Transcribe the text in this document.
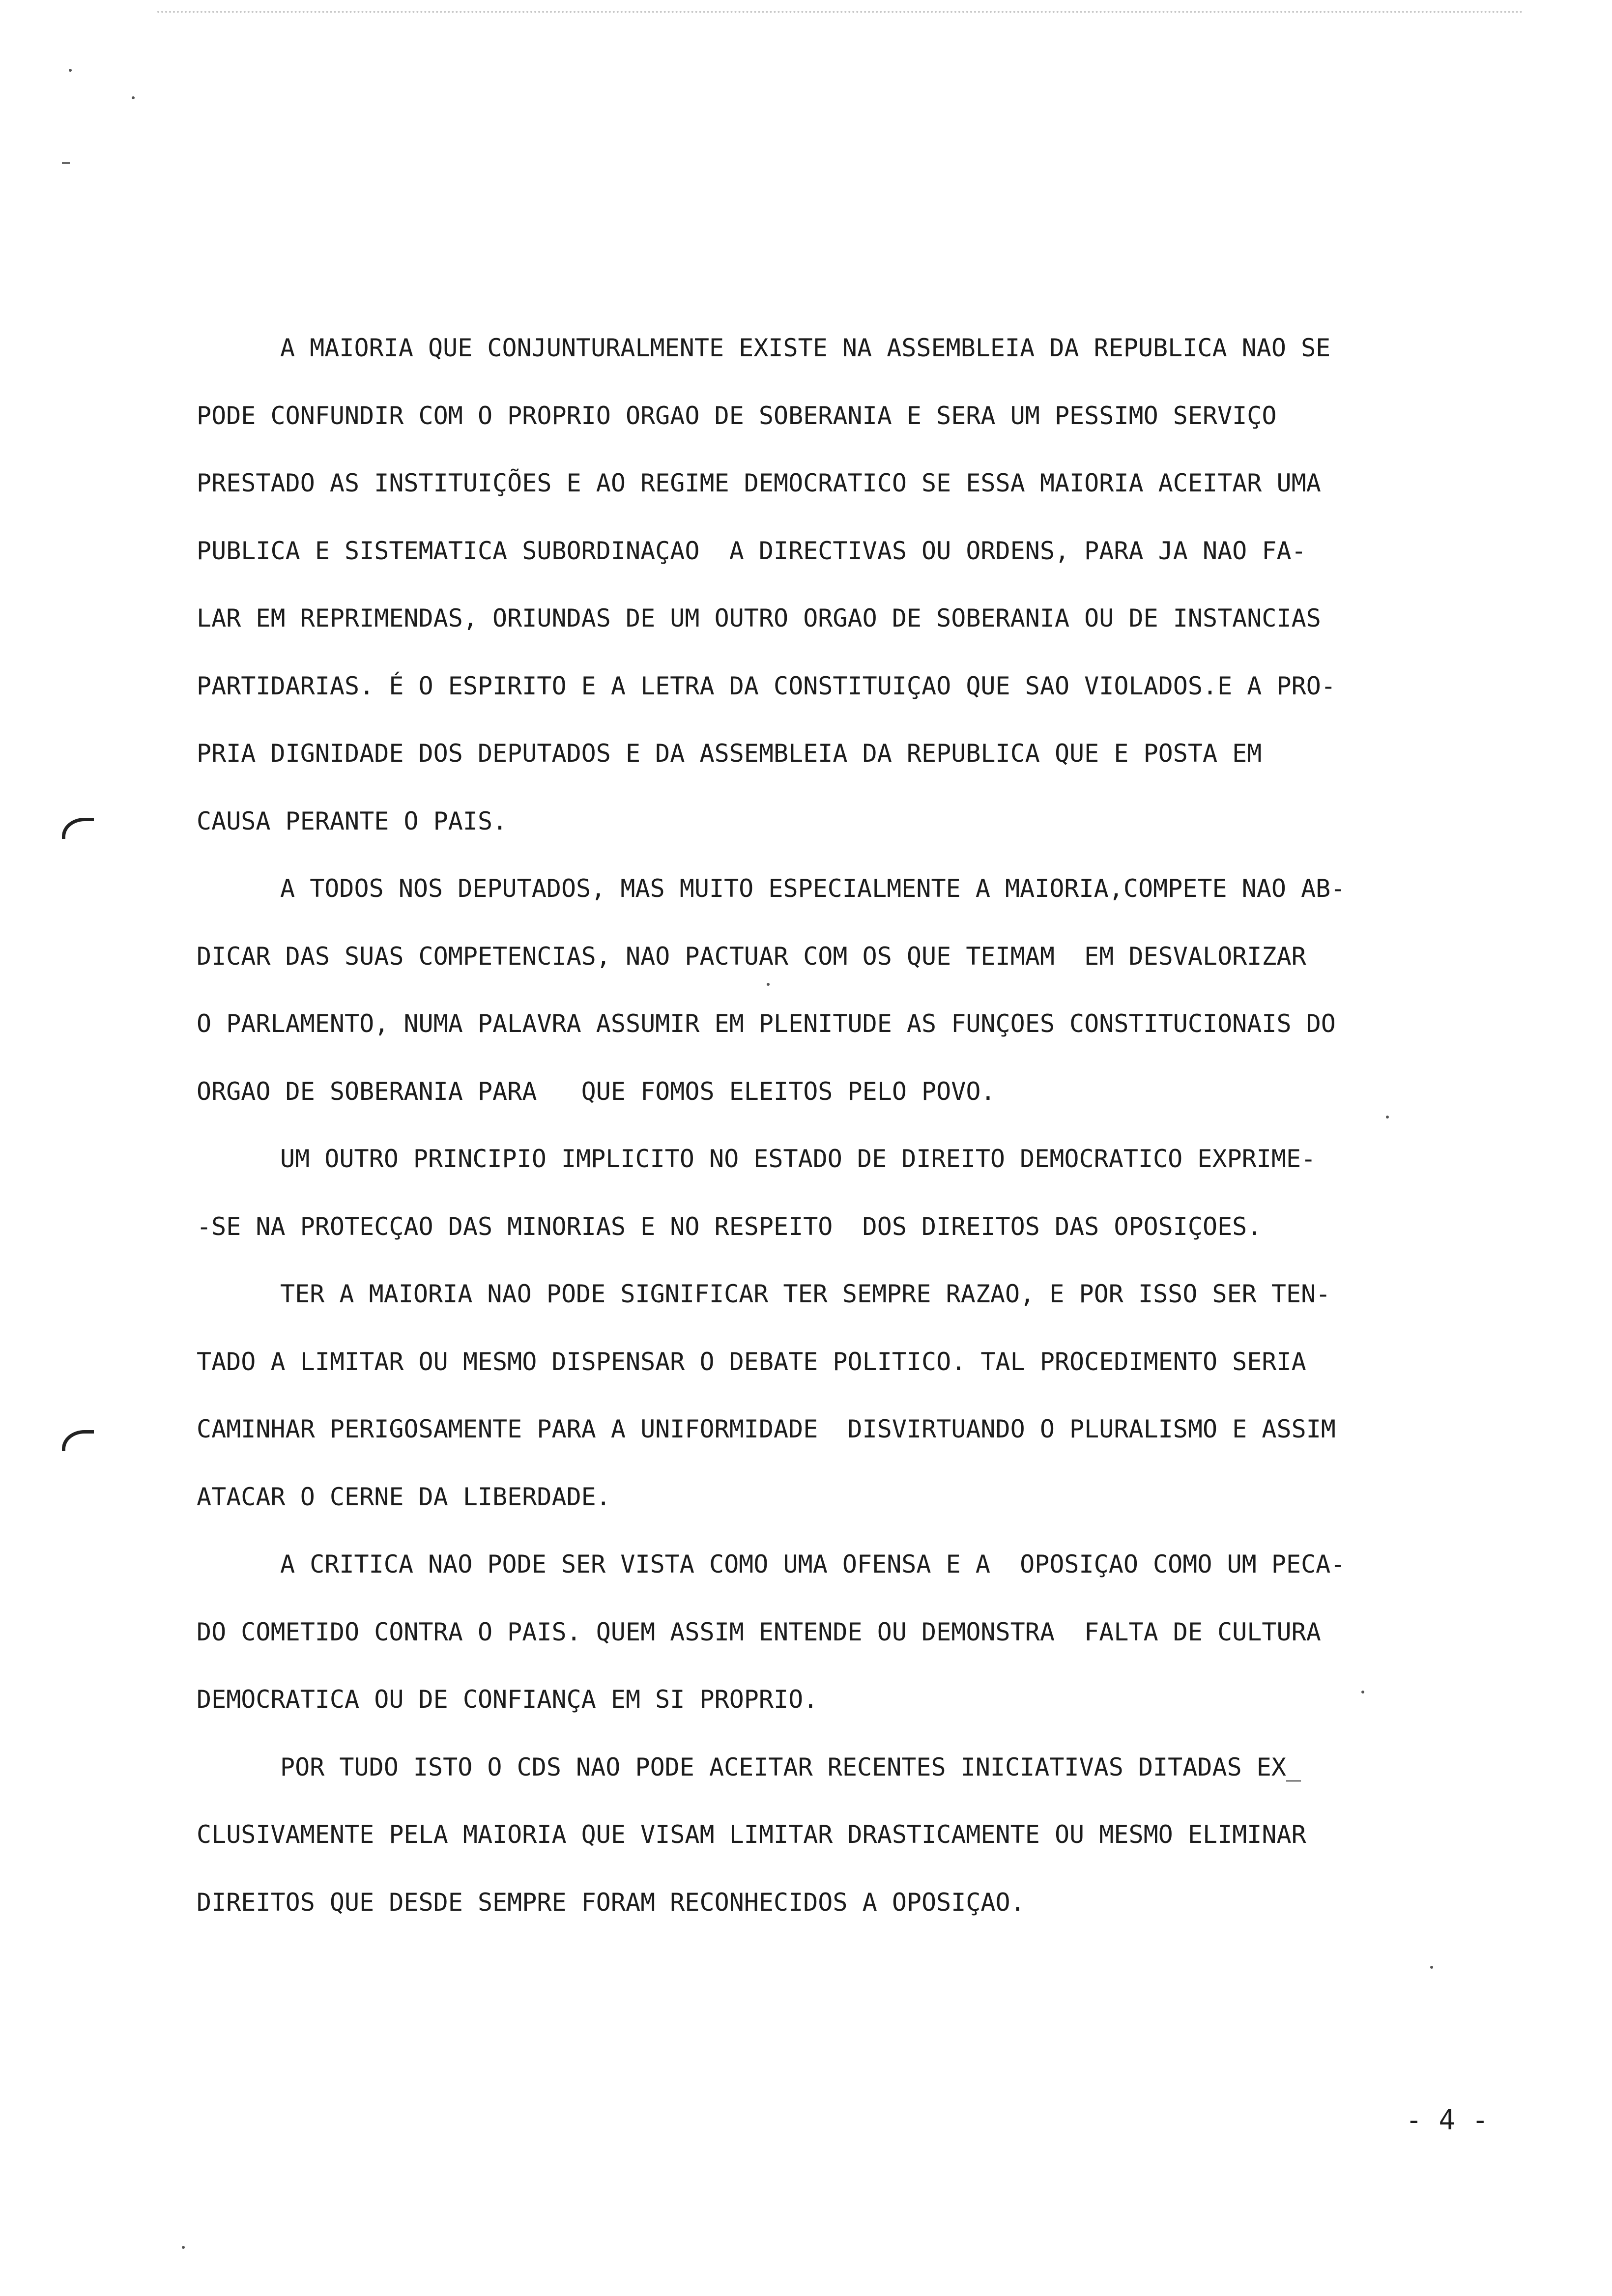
A MAIORIA QUE CONJUNTURALMENTE EXISTE NA ASSEMBLEIA DA REPUBLICA NAO SE
PODE CONFUNDIR COM O PROPRIO ORGAO DE SOBERANIA E SERA UM PESSIMO SERVIÇO
PRESTADO AS INSTITUIÇÕES E AO REGIME DEMOCRATICO SE ESSA MAIORIA ACEITAR UMA
PUBLICA E SISTEMATICA SUBORDINAÇAO  A DIRECTIVAS OU ORDENS, PARA JA NAO FA-
LAR EM REPRIMENDAS, ORIUNDAS DE UM OUTRO ORGAO DE SOBERANIA OU DE INSTANCIAS
PARTIDARIAS. É O ESPIRITO E A LETRA DA CONSTITUIÇAO QUE SAO VIOLADOS.E A PRO-
PRIA DIGNIDADE DOS DEPUTADOS E DA ASSEMBLEIA DA REPUBLICA QUE E POSTA EM
CAUSA PERANTE O PAIS.
A TODOS NOS DEPUTADOS, MAS MUITO ESPECIALMENTE A MAIORIA,COMPETE NAO AB-
DICAR DAS SUAS COMPETENCIAS, NAO PACTUAR COM OS QUE TEIMAM  EM DESVALORIZAR
O PARLAMENTO, NUMA PALAVRA ASSUMIR EM PLENITUDE AS FUNÇOES CONSTITUCIONAIS DO
ORGAO DE SOBERANIA PARA   QUE FOMOS ELEITOS PELO POVO.
UM OUTRO PRINCIPIO IMPLICITO NO ESTADO DE DIREITO DEMOCRATICO EXPRIME-
-SE NA PROTECÇAO DAS MINORIAS E NO RESPEITO  DOS DIREITOS DAS OPOSIÇOES.
TER A MAIORIA NAO PODE SIGNIFICAR TER SEMPRE RAZAO, E POR ISSO SER TEN-
TADO A LIMITAR OU MESMO DISPENSAR O DEBATE POLITICO. TAL PROCEDIMENTO SERIA
CAMINHAR PERIGOSAMENTE PARA A UNIFORMIDADE  DISVIRTUANDO O PLURALISMO E ASSIM
ATACAR O CERNE DA LIBERDADE.
A CRITICA NAO PODE SER VISTA COMO UMA OFENSA E A  OPOSIÇAO COMO UM PECA-
DO COMETIDO CONTRA O PAIS. QUEM ASSIM ENTENDE OU DEMONSTRA  FALTA DE CULTURA
DEMOCRATICA OU DE CONFIANÇA EM SI PROPRIO.
POR TUDO ISTO O CDS NAO PODE ACEITAR RECENTES INICIATIVAS DITADAS EX_
CLUSIVAMENTE PELA MAIORIA QUE VISAM LIMITAR DRASTICAMENTE OU MESMO ELIMINAR
DIREITOS QUE DESDE SEMPRE FORAM RECONHECIDOS A OPOSIÇAO.
- 4 -
